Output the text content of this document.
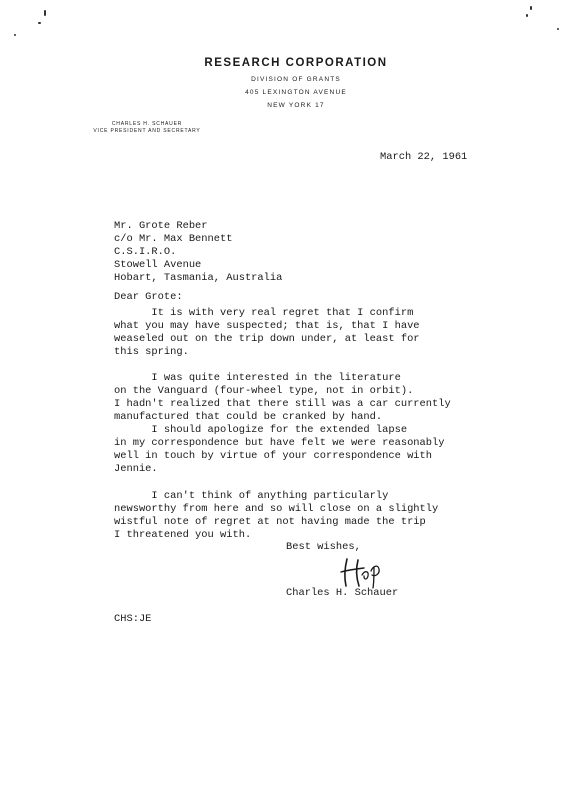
RESEARCH CORPORATION
DIVISION OF GRANTS
405 LEXINGTON AVENUE
NEW YORK 17
CHARLES H. SCHAUER
VICE PRESIDENT AND SECRETARY
March 22, 1961
Mr. Grote Reber
c/o Mr. Max Bennett
C.S.I.R.O.
Stowell Avenue
Hobart, Tasmania, Australia
Dear Grote:
It is with very real regret that I confirm
what you may have suspected; that is, that I have
weaseled out on the trip down under, at least for
this spring.
I was quite interested in the literature
on the Vanguard (four-wheel type, not in orbit).
I hadn't realized that there still was a car currently
manufactured that could be cranked by hand.
I should apologize for the extended lapse
in my correspondence but have felt we were reasonably
well in touch by virtue of your correspondence with
Jennie.
I can't think of anything particularly
newsworthy from here and so will close on a slightly
wistful note of regret at not having made the trip
I threatened you with.
Best wishes,
Charles H. Schauer
CHS:JE
